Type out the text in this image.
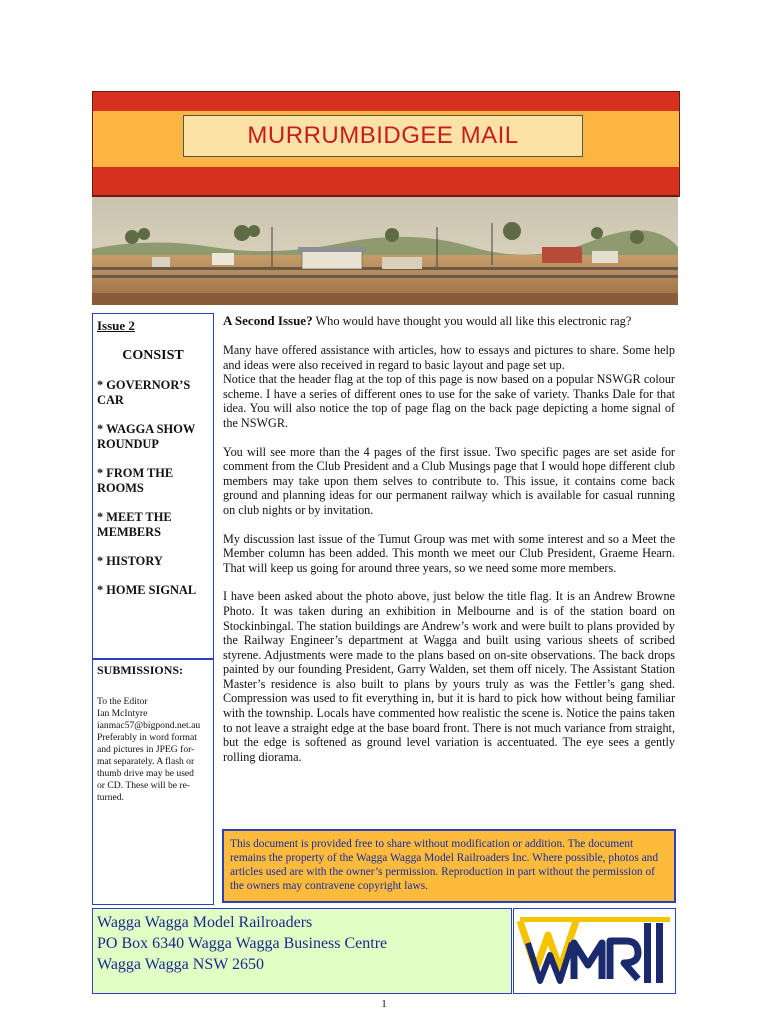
MURRUMBIDGEE MAIL
Issue 2
CONSIST
* GOVERNOR’S CAR
* WAGGA SHOW ROUNDUP
* FROM THE ROOMS
* MEET THE MEMBERS
* HISTORY
* HOME SIGNAL
SUBMISSIONS:
To the Editor
Ian McIntyre
ianmac57@bigpond.net.au
Preferably in word format
and pictures in JPEG for-
mat separately. A flash or
thumb drive may be used
or CD. These will be re-
turned.

A Second Issue? Who would have thought you would all like this electronic rag?

Many have offered assistance with articles, how to essays and pictures to share. Some help and ideas were also received in regard to basic layout and page set up.

Notice that the header flag at the top of this page is now based on a popular NSWGR colour scheme. I have a series of different ones to use for the sake of variety. Thanks Dale for that idea. You will also notice the top of page flag on the back page depicting a home signal of the NSWGR.

You will see more than the 4 pages of the first issue. Two specific pages are set aside for comment from the Club President and a Club Musings page that I would hope different club members may take upon them selves to contribute to. This issue, it contains come back ground and planning ideas for our permanent railway which is available for casual running on club nights or by invitation.

My discussion last issue of the Tumut Group was met with some interest and so a Meet the Member column has been added. This month we meet our Club President, Graeme Hearn. That will keep us going for around three years, so we need some more members.

I have been asked about the photo above, just below the title flag. It is an Andrew Browne Photo. It was taken during an exhibition in Melbourne and is of the station board on Stockinbingal. The station buildings are Andrew’s work and were built to plans provided by the Railway Engineer’s department at Wagga and built using various sheets of scribed styrene. Adjustments were made to the plans based on on-site observations. The back drops painted by our founding President, Garry Walden, set them off nicely. The Assistant Station Master’s residence is also built to plans by yours truly as was the Fettler’s gang shed. Compression was used to fit everything in, but it is hard to pick how without being familiar with the township. Locals have commented how realistic the scene is. Notice the pains taken to not leave a straight edge at the base board front. There is not much variance from straight, but the edge is softened as ground level variation is accentuated. The eye sees a gently rolling diorama.

This document is provided free to share without modification or addition. The document remains the property of the Wagga Wagga Model Railroaders Inc. Where possible, photos and articles used are with the owner’s permission. Reproduction in part without the permission of the owners may contravene copyright laws.
Wagga Wagga Model Railroaders
PO Box 6340 Wagga Wagga Business Centre
Wagga Wagga NSW 2650
1
